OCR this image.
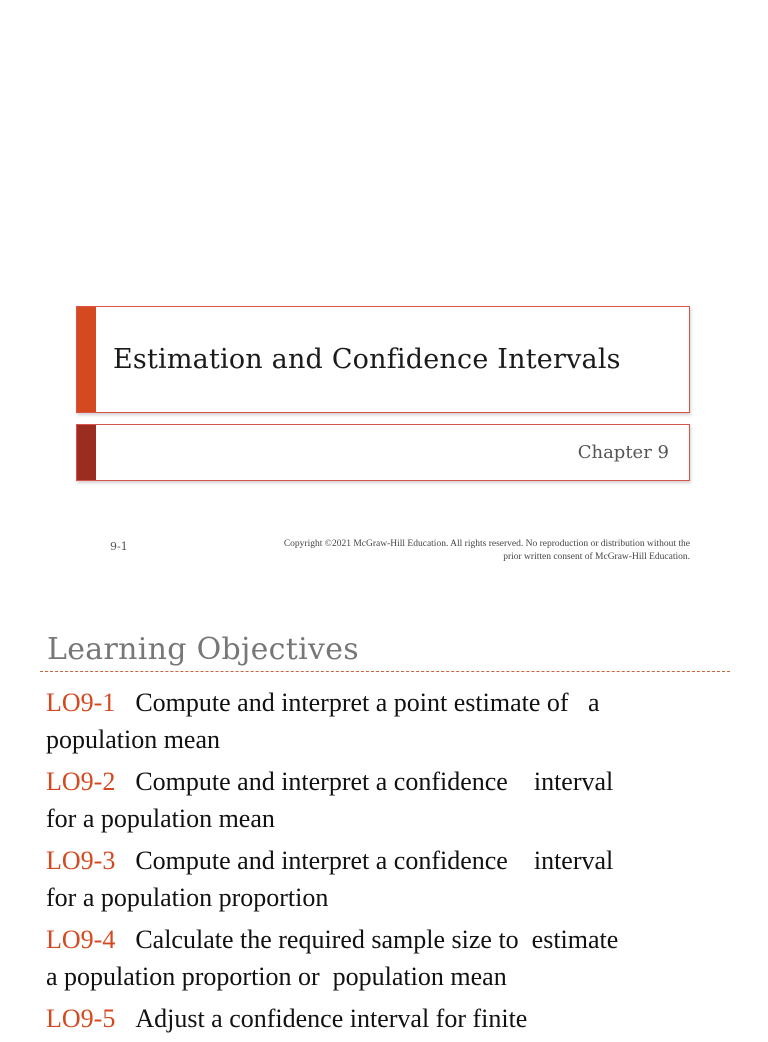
Estimation and Confidence Intervals
Chapter 9
9-1	Copyright ©2021 McGraw-Hill Education. All rights reserved. No reproduction or distribution without the
prior written consent of McGraw-Hill Education.
Learning Objectives
LO9-1 Compute and interpret a point estimate of   a
population mean
LO9-2 Compute and interpret a confidence    interval
for a population mean
LO9-3 Compute and interpret a confidence    interval
for a population proportion
LO9-4 Calculate the required sample size to  estimate
a population proportion or  population mean
LO9-5 Adjust a confidence interval for finite
